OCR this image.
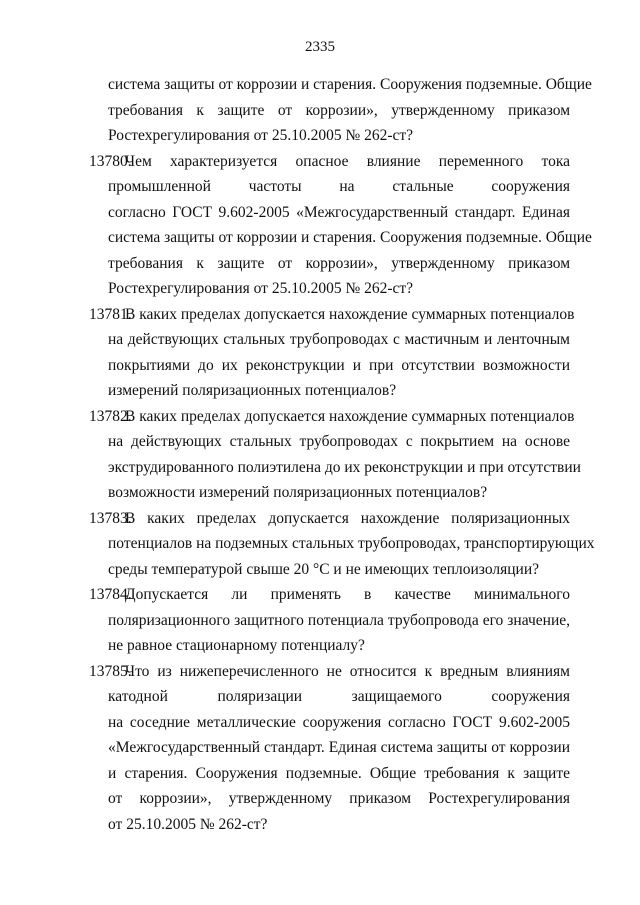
2335
система защиты от коррозии и старения. Сооружения подземные. Общие
требования к защите от коррозии», утвержденному приказом
Ростехрегулирования от 25.10.2005 № 262-ст?
13780.
Чем характеризуется опасное влияние переменного тока
промышленной частоты на стальные сооружения
согласно ГОСТ 9.602-2005 «Межгосударственный стандарт. Единая
система защиты от коррозии и старения. Сооружения подземные. Общие
требования к защите от коррозии», утвержденному приказом
Ростехрегулирования от 25.10.2005 № 262-ст?
13781.
В каких пределах допускается нахождение суммарных потенциалов
на действующих стальных трубопроводах с мастичным и ленточным
покрытиями до их реконструкции и при отсутствии возможности
измерений поляризационных потенциалов?
13782.
В каких пределах допускается нахождение суммарных потенциалов
на действующих стальных трубопроводах с покрытием на основе
экструдированного полиэтилена до их реконструкции и при отсутствии
возможности измерений поляризационных потенциалов?
13783.
В каких пределах допускается нахождение поляризационных
потенциалов на подземных стальных трубопроводах, транспортирующих
среды температурой свыше 20 °С и не имеющих теплоизоляции?
13784.
Допускается ли применять в качестве минимального
поляризационного защитного потенциала трубопровода его значение,
не равное стационарному потенциалу?
13785.
Что из нижеперечисленного не относится к вредным влияниям
катодной поляризации защищаемого сооружения
на соседние металлические сооружения согласно ГОСТ 9.602-2005
«Межгосударственный стандарт. Единая система защиты от коррозии
и старения. Сооружения подземные. Общие требования к защите
от коррозии», утвержденному приказом Ростехрегулирования
от 25.10.2005 № 262-ст?
